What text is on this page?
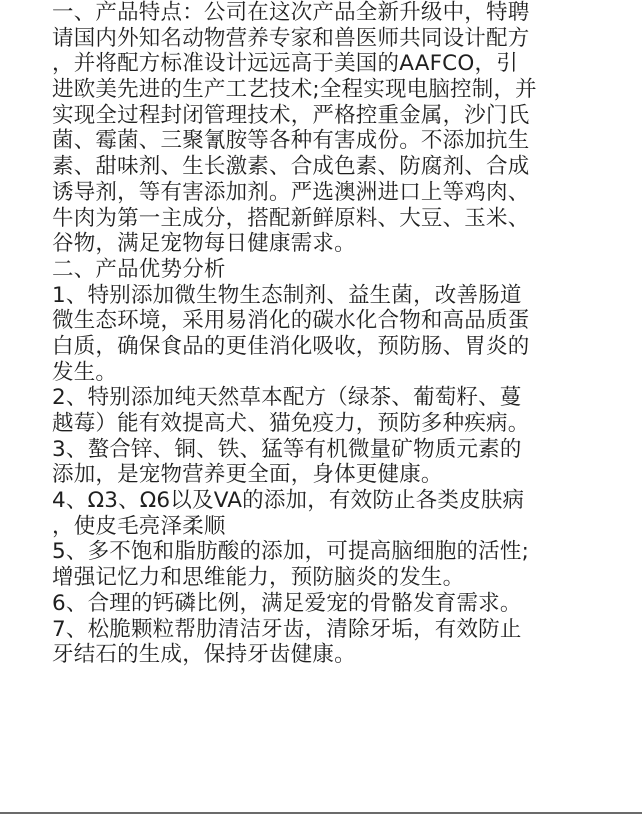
一、产品特点：公司在这次产品全新升级中，特聘
请国内外知名动物营养专家和兽医师共同设计配方
，并将配方标准设计远远高于美国的AAFCO，引
进欧美先进的生产工艺技术;全程实现电脑控制，并
实现全过程封闭管理技术，严格控重金属，沙门氏
菌、霉菌、三聚氰胺等各种有害成份。不添加抗生
素、甜味剂、生长激素、合成色素、防腐剂、合成
诱导剂，等有害添加剂。严选澳洲进口上等鸡肉、
牛肉为第一主成分，搭配新鲜原料、大豆、玉米、
谷物，满足宠物每日健康需求。
二、产品优势分析
1、特别添加微生物生态制剂、益生菌，改善肠道
微生态环境，采用易消化的碳水化合物和高品质蛋
白质，确保食品的更佳消化吸收，预防肠、胃炎的
发生。
2、特别添加纯天然草本配方（绿茶、葡萄籽、蔓
越莓）能有效提高犬、猫免疫力，预防多种疾病。
3、螯合锌、铜、铁、猛等有机微量矿物质元素的
添加，是宠物营养更全面，身体更健康。
4、Ω3、Ω6以及VA的添加，有效防止各类皮肤病
，使皮毛亮泽柔顺
5、多不饱和脂肪酸的添加，可提高脑细胞的活性;
增强记忆力和思维能力，预防脑炎的发生。
6、合理的钙磷比例，满足爱宠的骨骼发育需求。
7、松脆颗粒帮肋清洁牙齿，清除牙垢，有效防止
牙结石的生成，保持牙齿健康。
